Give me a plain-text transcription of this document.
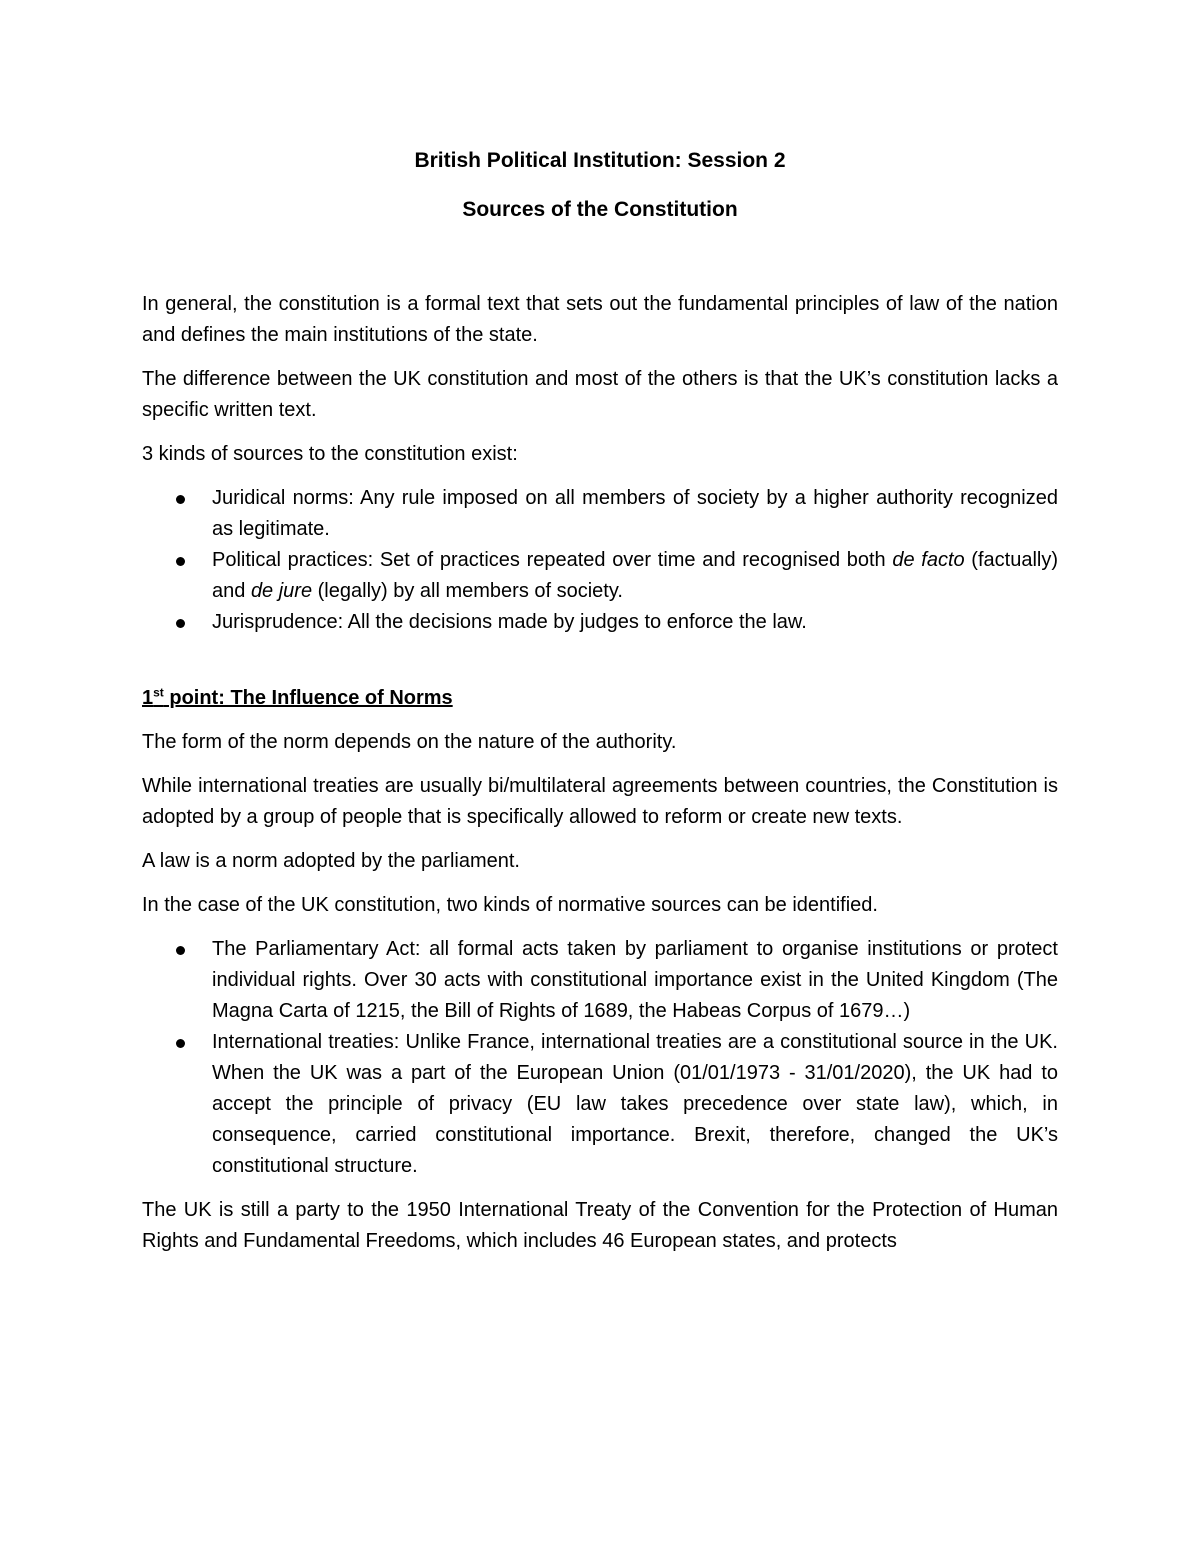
British Political Institution: Session 2
Sources of the Constitution

In general, the constitution is a formal text that sets out the fundamental principles of law of the nation and defines the main institutions of the state.

The difference between the UK constitution and most of the others is that the UK’s constitution lacks a specific written text.

3 kinds of sources to the constitution exist:

Juridical norms: Any rule imposed on all members of society by a higher authority recognized as legitimate.
Political practices: Set of practices repeated over time and recognised both de facto (factually) and de jure (legally) by all members of society.
Jurisprudence: All the decisions made by judges to enforce the law.

1st point: The Influence of Norms

The form of the norm depends on the nature of the authority.

While international treaties are usually bi/multilateral agreements between countries, the Constitution is adopted by a group of people that is specifically allowed to reform or create new texts.

A law is a norm adopted by the parliament.

In the case of the UK constitution, two kinds of normative sources can be identified.

The Parliamentary Act: all formal acts taken by parliament to organise institutions or protect individual rights. Over 30 acts with constitutional importance exist in the United Kingdom (The Magna Carta of 1215, the Bill of Rights of 1689, the Habeas Corpus of 1679…)
International treaties: Unlike France, international treaties are a constitutional source in the UK. When the UK was a part of the European Union (01/01/1973 - 31/01/2020), the UK had to accept the principle of privacy (EU law takes precedence over state law), which, in consequence, carried constitutional importance. Brexit, therefore, changed the UK’s constitutional structure.

The UK is still a party to the 1950 International Treaty of the Convention for the Protection of Human Rights and Fundamental Freedoms, which includes 46 European states, and protects
